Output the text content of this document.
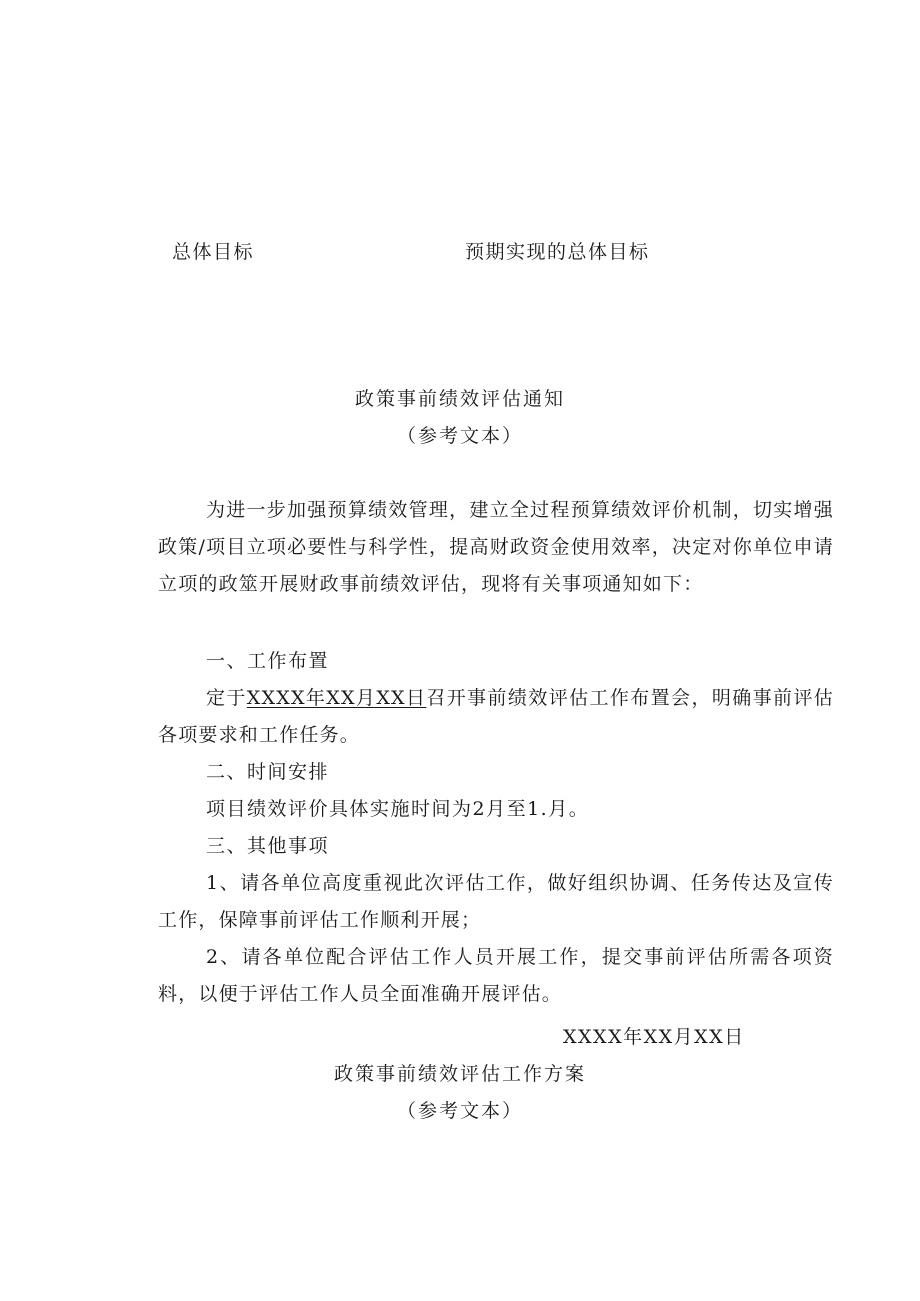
总体目标	预期实现的总体目标
政策事前绩效评估通知
（参考文本）
为进一步加强预算绩效管理，建立全过程预算绩效评价机制，切实增强政策/项目立项必要性与科学性，提高财政资金使用效率，决定对你单位申请立项的政筮开展财政事前绩效评估，现将有关事项通知如下：
一、工作布置
定于XXXX年XX月XX日召开事前绩效评估工作布置会，明确事前评估各项要求和工作任务。
二、时间安排
项目绩效评价具体实施时间为2月至1.月。
三、其他事项
1、请各单位高度重视此次评估工作，做好组织协调、任务传达及宣传工作，保障事前评估工作顺利开展；
2、请各单位配合评估工作人员开展工作，提交事前评估所需各项资料，以便于评估工作人员全面准确开展评估。
XXXX年XX月XX日
政策事前绩效评估工作方案
（参考文本）
